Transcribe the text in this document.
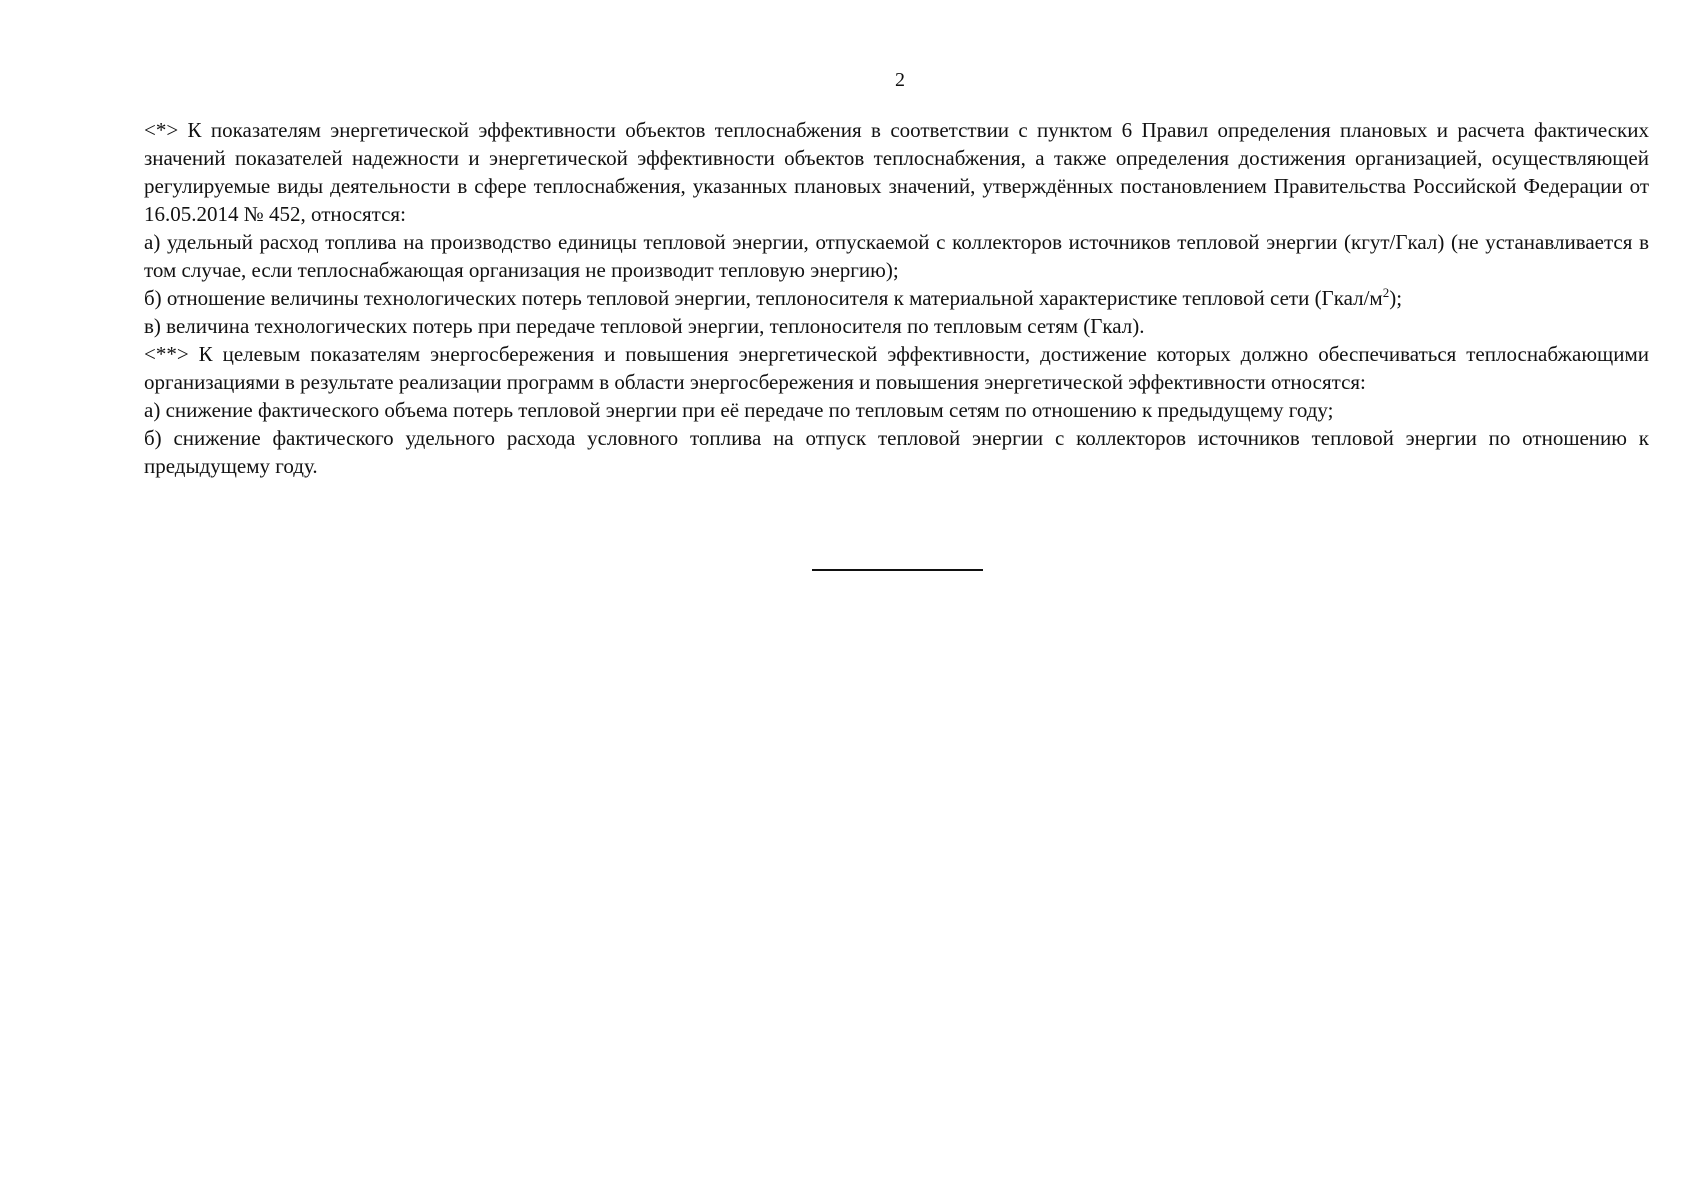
2

<*> К показателям энергетической эффективности объектов теплоснабжения в соответствии с пунктом 6 Правил определения плановых и расчета фактических значений показателей надежности и энергетической эффективности объектов теплоснабжения, а также определения достижения организацией, осуществляющей регулируемые виды деятельности в сфере теплоснабжения, указанных плановых значений, утверждённых постановлением Правительства Российской Федерации от 16.05.2014 № 452, относятся:

а) удельный расход топлива на производство единицы тепловой энергии, отпускаемой с коллекторов источников тепловой энергии (кгут/Гкал) (не устанавливается в том случае, если теплоснабжающая организация не производит тепловую энергию);

б) отношение величины технологических потерь тепловой энергии, теплоносителя к материальной характеристике тепловой сети $(Гкал/м^2)$;

в) величина технологических потерь при передаче тепловой энергии, теплоносителя по тепловым сетям (Гкал).

<**> К целевым показателям энергосбережения и повышения энергетической эффективности, достижение которых должно обеспечиваться теплоснабжающими организациями в результате реализации программ в области энергосбережения и повышения энергетической эффективности относятся:

а) снижение фактического объема потерь тепловой энергии при её передаче по тепловым сетям по отношению к предыдущему году;

б) снижение фактического удельного расхода условного топлива на отпуск тепловой энергии с коллекторов источников тепловой энергии по отношению к предыдущему году.
